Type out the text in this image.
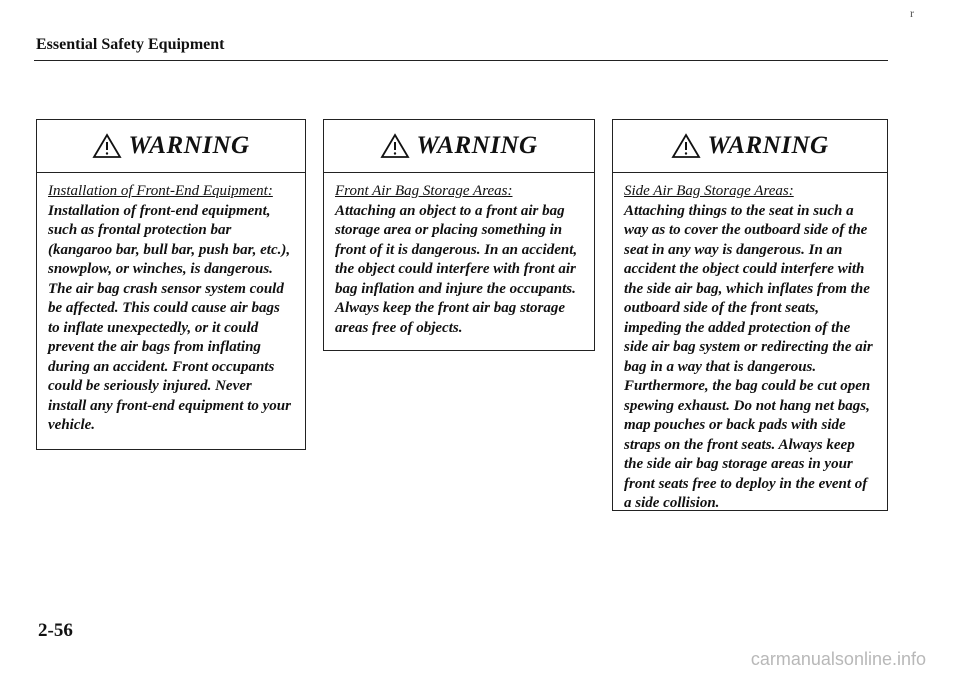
r
Essential Safety Equipment
WARNING

Installation of Front-End Equipment:

Installation of front-end equipment, such as frontal protection bar (kangaroo bar, bull bar, push bar, etc.), snowplow, or winches, is dangerous. The air bag crash sensor system could be affected. This could cause air bags to inflate unexpectedly, or it could prevent the air bags from inflating during an accident. Front occupants could be seriously injured. Never install any front-end equipment to your vehicle.

WARNING

Front Air Bag Storage Areas:

Attaching an object to a front air bag storage area or placing something in front of it is dangerous. In an accident, the object could interfere with front air bag inflation and injure the occupants.

Always keep the front air bag storage areas free of objects.

WARNING

Side Air Bag Storage Areas:

Attaching things to the seat in such a way as to cover the outboard side of the seat in any way is dangerous. In an accident the object could interfere with the side air bag, which inflates from the outboard side of the front seats, impeding the added protection of the side air bag system or redirecting the air bag in a way that is dangerous. Furthermore, the bag could be cut open spewing exhaust. Do not hang net bags, map pouches or back pads with side straps on the front seats. Always keep the side air bag storage areas in your front seats free to deploy in the event of a side collision.

2-56
carmanualsonline.info
